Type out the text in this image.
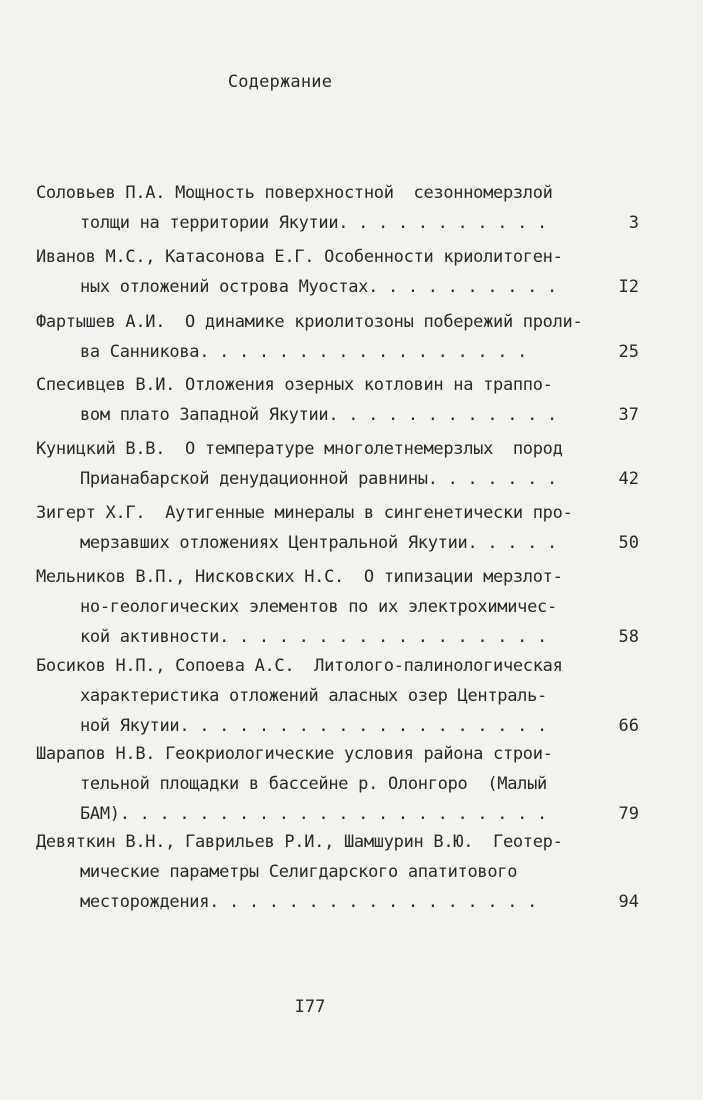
Содержание
Соловьев П.А. Мощность поверхностной  сезонномерзлой
толщи на территории Якутии. . . . . . . . . . .	3
Иванов М.С., Катасонова Е.Г. Особенности криолитоген-
ных отложений острова Муостах. . . . . . . . . .	I2
Фартышев А.И.  О динамике криолитозоны побережий проли-
ва Санникова. . . . . . . . . . . . . . . . .	25
Спесивцев В.И. Отложения озерных котловин на траппо-
вом плато Западной Якутии. . . . . . . . . . . .	37
Куницкий В.В.  О температуре многолетнемерзлых  пород
Прианабарской денудационной равнины. . . . . . .	42
Зигерт Х.Г.  Аутигенные минералы в сингенетически про-
мерзавших отложениях Центральной Якутии. . . . .	50
Мельников В.П., Нисковских Н.С.  О типизации мерзлот-
но-геологических элементов по их электрохимичес-
кой активности. . . . . . . . . . . . . . . . .	58
Босиков Н.П., Сопоева А.С.  Литолого-палинологическая
характеристика отложений аласных озер Централь-
ной Якутии. . . . . . . . . . . . . . . . . . .	66
Шарапов Н.В. Геокриологические условия района строи-
тельной площадки в бассейне р. Олонгоро  (Малый
БАМ). . . . . . . . . . . . . . . . . . . . . .	79
Девяткин В.Н., Гаврильев Р.И., Шамшурин В.Ю.  Геотер-
мические параметры Селигдарского апатитового
месторождения. . . . . . . . . . . . . . . . .	94
I77
